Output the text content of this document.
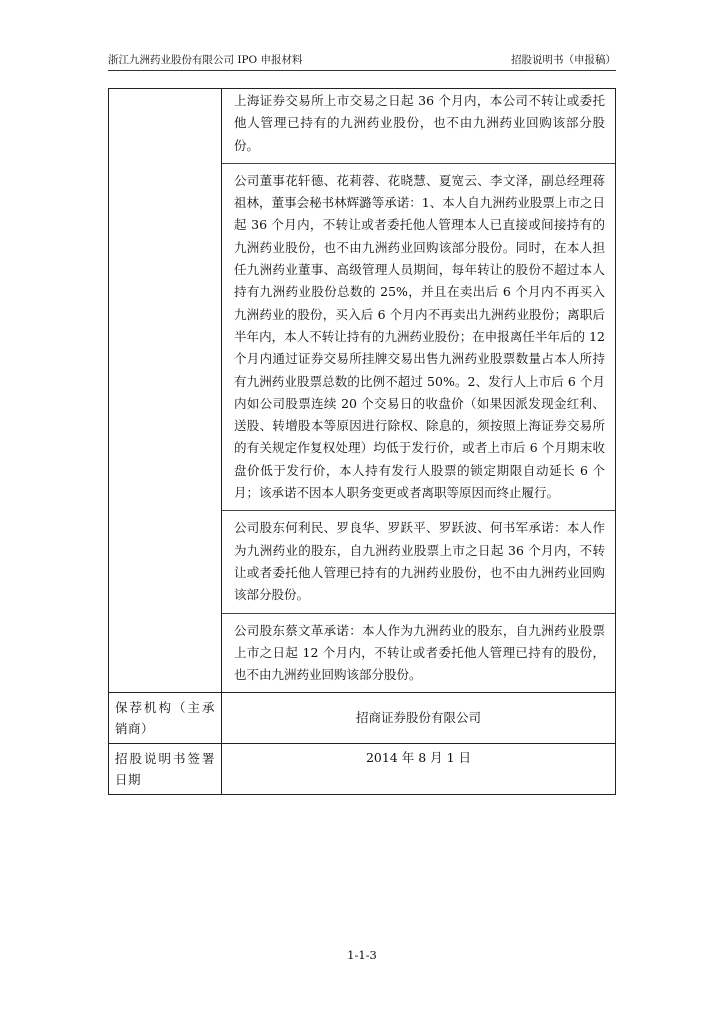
浙江九洲药业股份有限公司 IPO 申报材料	招股说明书（申报稿）

	上海证券交易所上市交易之日起 36 个月内，本公司不转让或委托他人管理已持有的九洲药业股份，也不由九洲药业回购该部分股份。
公司董事花轩德、花莉蓉、花晓慧、夏宽云、李文泽，副总经理蒋祖林，董事会秘书林辉潞等承诺：1、本人自九洲药业股票上市之日起 36 个月内，不转让或者委托他人管理本人已直接或间接持有的九洲药业股份，也不由九洲药业回购该部分股份。同时，在本人担任九洲药业董事、高级管理人员期间，每年转让的股份不超过本人持有九洲药业股份总数的 25%，并且在卖出后 6 个月内不再买入九洲药业的股份，买入后 6 个月内不再卖出九洲药业股份；离职后半年内，本人不转让持有的九洲药业股份；在申报离任半年后的 12 个月内通过证券交易所挂牌交易出售九洲药业股票数量占本人所持有九洲药业股票总数的比例不超过 50%。2、发行人上市后 6 个月内如公司股票连续 20 个交易日的收盘价（如果因派发现金红利、送股、转增股本等原因进行除权、除息的，须按照上海证券交易所的有关规定作复权处理）均低于发行价，或者上市后 6 个月期末收盘价低于发行价，本人持有发行人股票的锁定期限自动延长 6 个月；该承诺不因本人职务变更或者离职等原因而终止履行。
公司股东何利民、罗良华、罗跃平、罗跃波、何书军承诺：本人作为九洲药业的股东，自九洲药业股票上市之日起 36 个月内，不转让或者委托他人管理已持有的九洲药业股份，也不由九洲药业回购该部分股份。
公司股东蔡文革承诺：本人作为九洲药业的股东，自九洲药业股票上市之日起 12 个月内，不转让或者委托他人管理已持有的股份，也不由九洲药业回购该部分股份。

保荐机构（主承销商）	招商证券股份有限公司
招股说明书签署日期	2014 年 8 月 1 日
1-1-3
